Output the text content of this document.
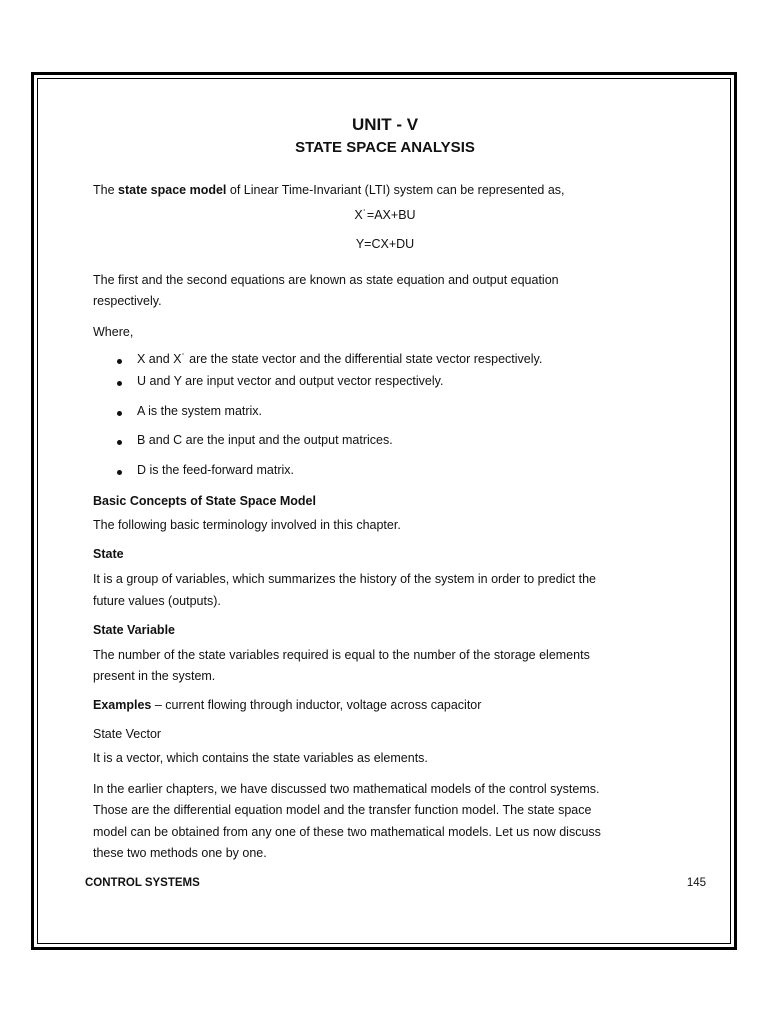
UNIT - V
STATE SPACE ANALYSIS

The state space model of Linear Time-Invariant (LTI) system can be represented as,

X˙=AX+BU

Y=CX+DU

The first and the second equations are known as state equation and output equation

respectively.

Where,

X and X˙ are the state vector and the differential state vector respectively.
U and Y are input vector and output vector respectively.
A is the system matrix.
B and C are the input and the output matrices.
D is the feed-forward matrix.

Basic Concepts of State Space Model

The following basic terminology involved in this chapter.

State

It is a group of variables, which summarizes the history of the system in order to predict the

future values (outputs).

State Variable

The number of the state variables required is equal to the number of the storage elements

present in the system.

Examples – current flowing through inductor, voltage across capacitor

State Vector

It is a vector, which contains the state variables as elements.

In the earlier chapters, we have discussed two mathematical models of the control systems.

Those are the differential equation model and the transfer function model. The state space

model can be obtained from any one of these two mathematical models. Let us now discuss

these two methods one by one.

CONTROL SYSTEMS	145
